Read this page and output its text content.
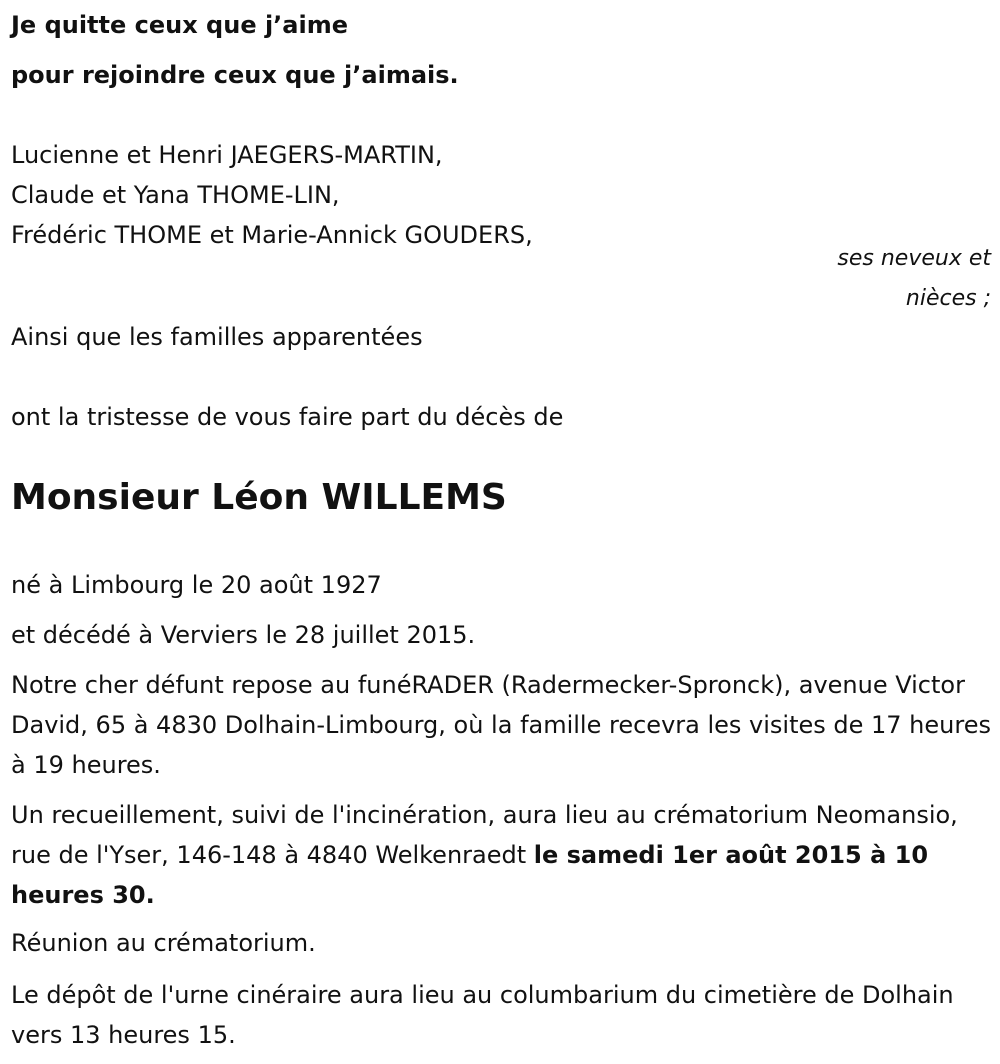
Je quitte ceux que j’aime
pour rejoindre ceux que j’aimais.
Lucienne et Henri JAEGERS-MARTIN,
Claude et Yana THOME-LIN,
Frédéric THOME et Marie-Annick GOUDERS,
ses neveux et
nièces ;
Ainsi que les familles apparentées
ont la tristesse de vous faire part du décès de
Monsieur Léon WILLEMS
né à Limbourg le 20 août 1927
et décédé à Verviers le 28 juillet 2015.
Notre cher défunt repose au funéRADER (Radermecker-Spronck), avenue Victor David, 65 à 4830 Dolhain-Limbourg, où la famille recevra les visites de 17 heures à 19 heures.
Un recueillement, suivi de l'incinération, aura lieu au crématorium Neomansio, rue de l'Yser, 146-148 à 4840 Welkenraedt le samedi 1er août 2015 à 10 heures 30.
Réunion au crématorium.
Le dépôt de l'urne cinéraire aura lieu au columbarium du cimetière de Dolhain vers 13 heures 15.
